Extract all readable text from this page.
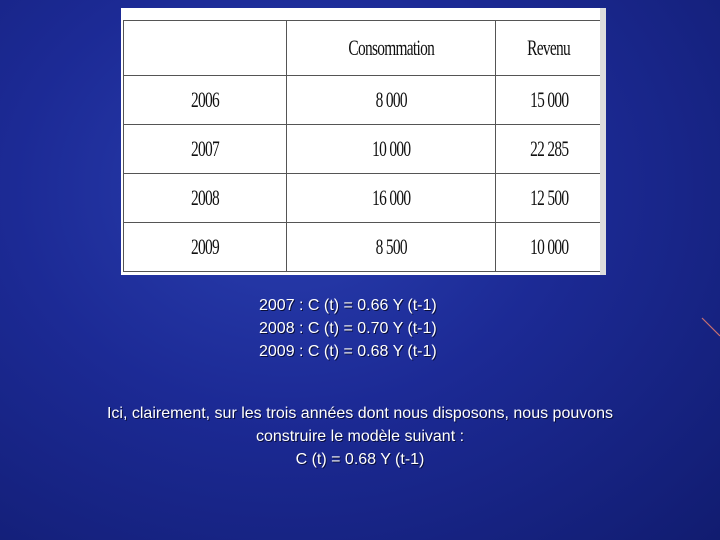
	Consommation	Revenu
2006	8 000	15 000
2007	10 000	22 285
2008	16 000	12 500
2009	8 500	10 000
2007 : C (t) = 0.66 Y (t-1)
2008 : C (t) = 0.70 Y (t-1)
2009 : C (t) = 0.68 Y (t-1)
Ici, clairement, sur les trois années dont nous disposons, nous pouvons
construire le modèle suivant :
C (t) = 0.68 Y (t-1)
